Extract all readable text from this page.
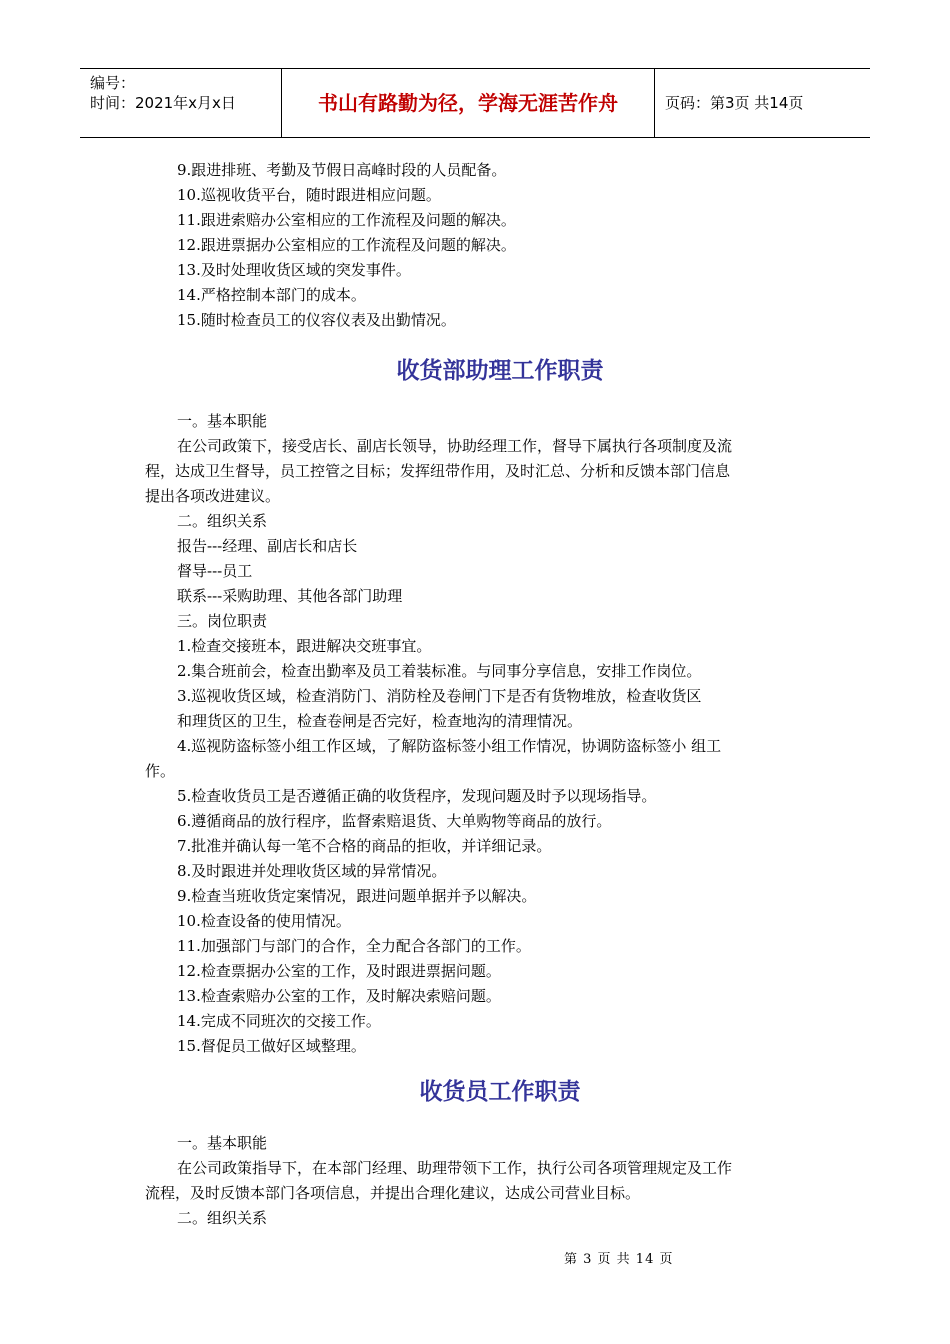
编号：
时间：2021年x月x日	书山有路勤为径，学海无涯苦作舟	页码：第3页 共14页
9.跟进排班、考勤及节假日高峰时段的人员配备。
10.巡视收货平台，随时跟进相应问题。
11.跟进索赔办公室相应的工作流程及问题的解决。
12.跟进票据办公室相应的工作流程及问题的解决。
13.及时处理收货区域的突发事件。
14.严格控制本部门的成本。
15.随时检查员工的仪容仪表及出勤情况。
收货部助理工作职责
一。基本职能
在公司政策下，接受店长、副店长领导，协助经理工作，督导下属执行各项制度及流
程，达成卫生督导，员工控管之目标；发挥纽带作用，及时汇总、分析和反馈本部门信息
提出各项改进建议。
二。组织关系
报告---经理、副店长和店长
督导---员工
联系---采购助理、其他各部门助理
三。岗位职责
1.检查交接班本，跟进解决交班事宜。
2.集合班前会，检查出勤率及员工着装标准。与同事分享信息，安排工作岗位。
3.巡视收货区域，检查消防门、消防栓及卷闸门下是否有货物堆放，检查收货区
和理货区的卫生，检查卷闸是否完好，检查地沟的清理情况。
4.巡视防盗标签小组工作区域，了解防盗标签小组工作情况，协调防盗标签小 组工
作。
5.检查收货员工是否遵循正确的收货程序，发现问题及时予以现场指导。
6.遵循商品的放行程序，监督索赔退货、大单购物等商品的放行。
7.批准并确认每一笔不合格的商品的拒收，并详细记录。
8.及时跟进并处理收货区域的异常情况。
9.检查当班收货定案情况，跟进问题单据并予以解决。
10.检查设备的使用情况。
11.加强部门与部门的合作，全力配合各部门的工作。
12.检查票据办公室的工作，及时跟进票据问题。
13.检查索赔办公室的工作，及时解决索赔问题。
14.完成不同班次的交接工作。
15.督促员工做好区域整理。
收货员工作职责
一。基本职能
在公司政策指导下，在本部门经理、助理带领下工作，执行公司各项管理规定及工作
流程，及时反馈本部门各项信息，并提出合理化建议，达成公司营业目标。
二。组织关系
第 3 页 共 14 页
